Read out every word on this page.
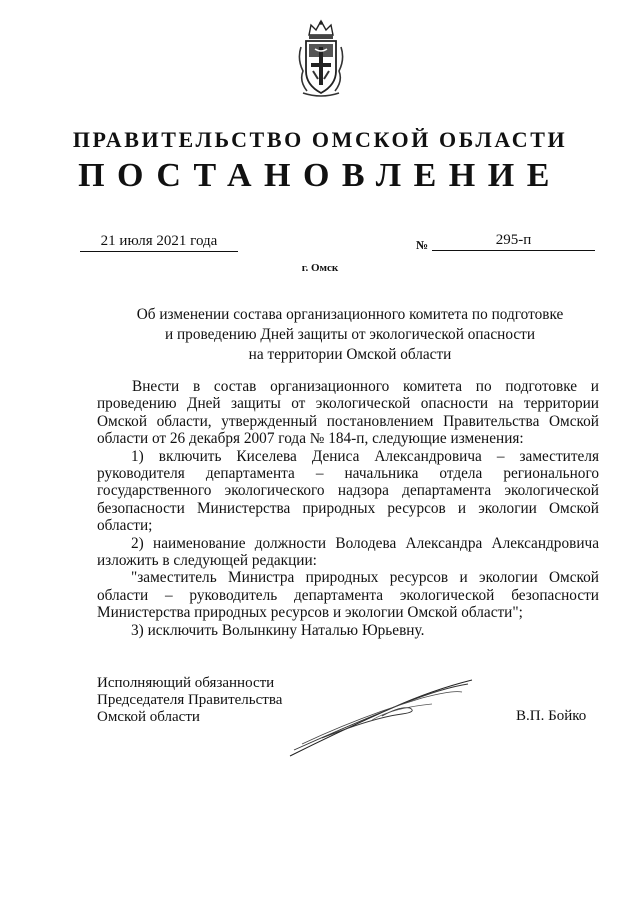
ПРАВИТЕЛЬСТВО ОМСКОЙ ОБЛАСТИ
ПОСТАНОВЛЕНИЕ
21 июля 2021 года	№	295-п
г. Омск
Об изменении состава организационного комитета по подготовке
и проведению Дней защиты от экологической опасности
на территории Омской области

Внести в состав организационного комитета по подготовке и проведению Дней защиты от экологической опасности на территории Омской области, утвержденный постановлением Правительства Омской области от 26 декабря 2007 года № 184-п, следующие изменения:

1) включить Киселева Дениса Александровича – заместителя руководителя департамента – начальника отдела регионального государственного экологического надзора департамента экологической безопасности Министерства природных ресурсов и экологии Омской области;

2) наименование должности Володева Александра Александровича изложить в следующей редакции:

"заместитель Министра природных ресурсов и экологии Омской области – руководитель департамента экологической безопасности Министерства природных ресурсов и экологии Омской области";

3) исключить Волынкину Наталью Юрьевну.

Исполняющий обязанности
Председателя Правительства
Омской области	В.П. Бойко
